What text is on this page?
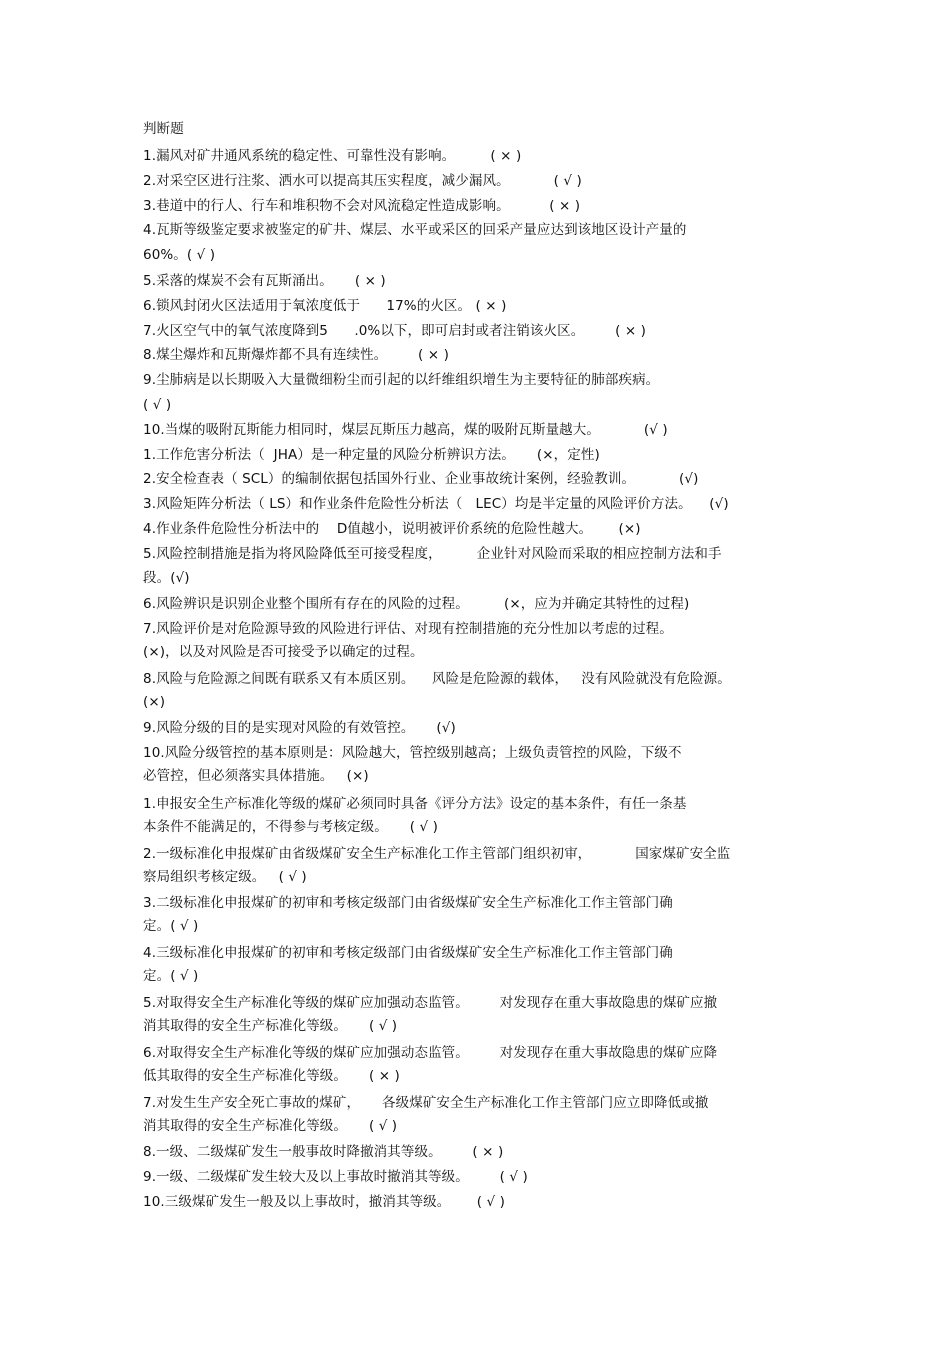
判断题
1.漏风对矿井通风系统的稳定性、可靠性没有影响。        ( × )
2.对采空区进行注浆、洒水可以提高其压实程度，减少漏风。          ( √ )
3.巷道中的行人、行车和堆积物不会对风流稳定性造成影响。         ( × )
4.瓦斯等级鉴定要求被鉴定的矿井、煤层、水平或采区的回采产量应达到该地区设计产量的
60%。( √ )
5.采落的煤炭不会有瓦斯涌出。     ( × )
6.锁风封闭火区法适用于氧浓度低于      17%的火区。 ( × )
7.火区空气中的氧气浓度降到5      .0%以下，即可启封或者注销该火区。       ( × )
8.煤尘爆炸和瓦斯爆炸都不具有连续性。       ( × )
9.尘肺病是以长期吸入大量微细粉尘而引起的以纤维组织增生为主要特征的肺部疾病。
( √ )
10.当煤的吸附瓦斯能力相同时，煤层瓦斯压力越高，煤的吸附瓦斯量越大。          (√ )
1.工作危害分析法（  JHA）是一种定量的风险分析辨识方法。     (×，定性)
2.安全检查表（ SCL）的编制依据包括国外行业、企业事故统计案例，经验教训。          (√)
3.风险矩阵分析法（ LS）和作业条件危险性分析法（   LEC）均是半定量的风险评价方法。    (√)
4.作业条件危险性分析法中的    D值越小，说明被评价系统的危险性越大。      (×)
5.风险控制措施是指为将风险降低至可接受程度，        企业针对风险而采取的相应控制方法和手
段。(√)
6.风险辨识是识别企业整个围所有存在的风险的过程。        (×，应为并确定其特性的过程)
7.风险评价是对危险源导致的风险进行评估、对现有控制措施的充分性加以考虑的过程。
(×)，以及对风险是否可接受予以确定的过程。
8.风险与危险源之间既有联系又有本质区别。    风险是危险源的载体，   没有风险就没有危险源。
(×)
9.风险分级的目的是实现对风险的有效管控。     (√)
10.风险分级管控的基本原则是：风险越大，管控级别越高；上级负责管控的风险，下级不
必管控，但必须落实具体措施。   (×)
1.申报安全生产标准化等级的煤矿必须同时具备《评分方法》设定的基本条件，有任一条基
本条件不能满足的，不得参与考核定级。     ( √ )
2.一级标准化申报煤矿由省级煤矿安全生产标准化工作主管部门组织初审，          国家煤矿安全监
察局组织考核定级。   ( √ )
3.二级标准化申报煤矿的初审和考核定级部门由省级煤矿安全生产标准化工作主管部门确
定。( √ )
4.三级标准化申报煤矿的初审和考核定级部门由省级煤矿安全生产标准化工作主管部门确
定。( √ )
5.对取得安全生产标准化等级的煤矿应加强动态监管。       对发现存在重大事故隐患的煤矿应撤
消其取得的安全生产标准化等级。     ( √ )
6.对取得安全生产标准化等级的煤矿应加强动态监管。       对发现存在重大事故隐患的煤矿应降
低其取得的安全生产标准化等级。     ( × )
7.对发生生产安全死亡事故的煤矿，     各级煤矿安全生产标准化工作主管部门应立即降低或撤
消其取得的安全生产标准化等级。     ( √ )
8.一级、二级煤矿发生一般事故时降撤消其等级。       ( × )
9.一级、二级煤矿发生较大及以上事故时撤消其等级。       ( √ )
10.三级煤矿发生一般及以上事故时，撤消其等级。      ( √ )
